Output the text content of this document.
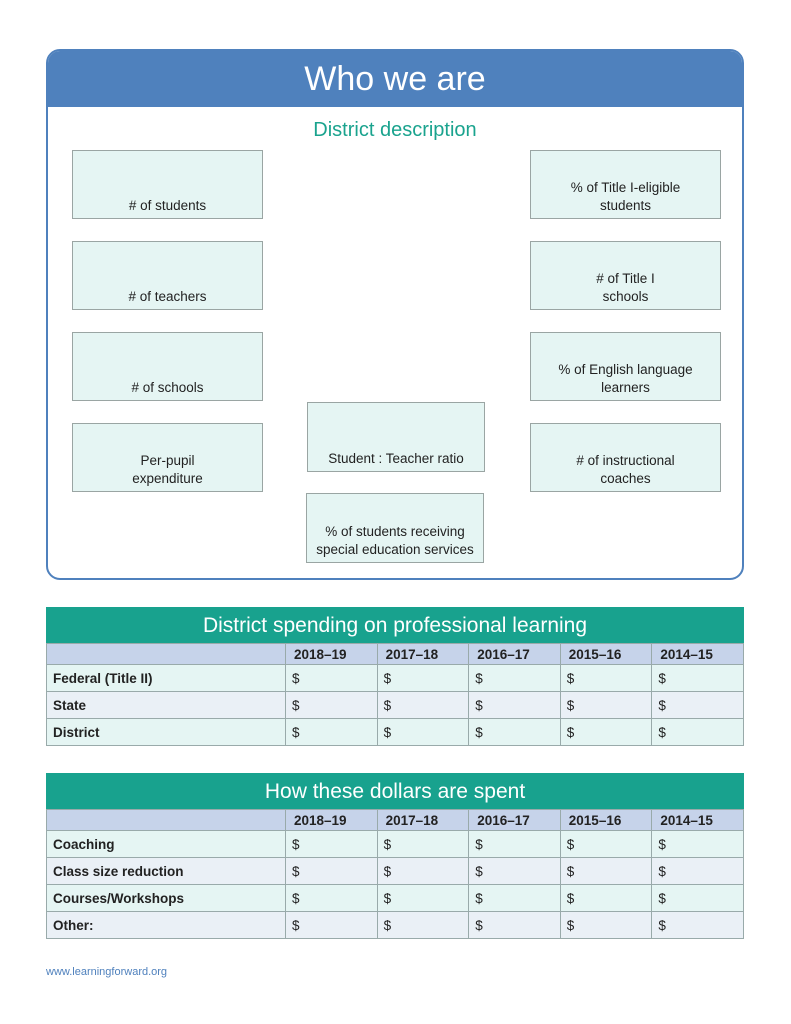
Who we are
District description
# of students
# of teachers
# of schools
Per-pupil
expenditure
% of Title I-eligible
students
# of Title I
schools
% of English language
learners
# of instructional
coaches
Student : Teacher ratio
% of students receiving
special education services
District spending on professional learning
	2018–19	2017–18	2016–17	2015–16	2014–15
Federal (Title II)	$	$	$	$	$
State	$	$	$	$	$
District	$	$	$	$	$
How these dollars are spent
	2018–19	2017–18	2016–17	2015–16	2014–15
Coaching	$	$	$	$	$
Class size reduction	$	$	$	$	$
Courses/Workshops	$	$	$	$	$
Other:	$	$	$	$	$
www.learningforward.org
